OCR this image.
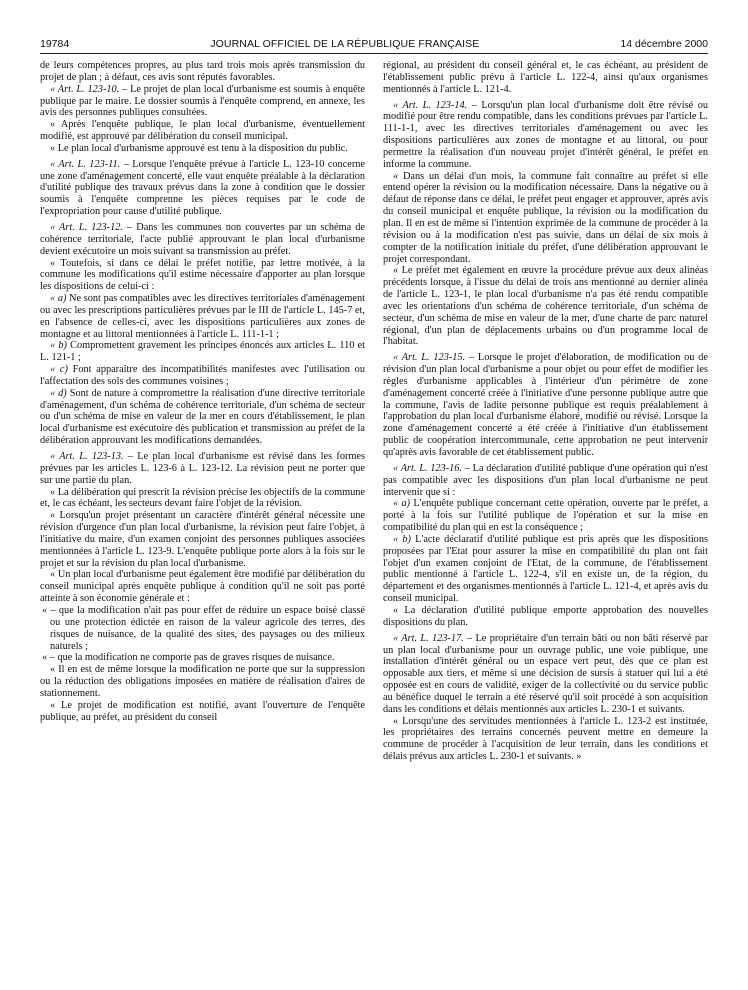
19784	JOURNAL OFFICIEL DE LA RÉPUBLIQUE FRANÇAISE	14 décembre 2000

de leurs compétences propres, au plus tard trois mois après transmission du projet de plan ; à défaut, ces avis sont réputés favorables.

« Art. L. 123-10. – Le projet de plan local d'urbanisme est soumis à enquête publique par le maire. Le dossier soumis à l'enquête comprend, en annexe, les avis des personnes publiques consultées.

« Après l'enquête publique, le plan local d'urbanisme, éventuellement modifié, est approuvé par délibération du conseil municipal.

« Le plan local d'urbanisme approuvé est tenu à la disposition du public.

« Art. L. 123-11. – Lorsque l'enquête prévue à l'article L. 123-10 concerne une zone d'aménagement concerté, elle vaut enquête préalable à la déclaration d'utilité publique des travaux prévus dans la zone à condition que le dossier soumis à l'enquête comprenne les pièces requises par le code de l'expropriation pour cause d'utilité publique.

« Art. L. 123-12. – Dans les communes non couvertes par un schéma de cohérence territoriale, l'acte publié approuvant le plan local d'urbanisme devient exécutoire un mois suivant sa transmission au préfet.

« Toutefois, si dans ce délai le préfet notifie, par lettre motivée, à la commune les modifications qu'il estime nécessaire d'apporter au plan lorsque les dispositions de celui-ci :

« a) Ne sont pas compatibles avec les directives territoriales d'aménagement ou avec les prescriptions particulières prévues par le III de l'article L. 145-7 et, en l'absence de celles-ci, avec les dispositions particulières aux zones de montagne et au littoral mentionnées à l'article L. 111-1-1 ;

« b) Compromettent gravement les principes énoncés aux articles L. 110 et L. 121-1 ;

« c) Font apparaître des incompatibilités manifestes avec l'utilisation ou l'affectation des sols des communes voisines ;

« d) Sont de nature à compromettre la réalisation d'une directive territoriale d'aménagement, d'un schéma de cohérence territoriale, d'un schéma de secteur ou d'un schéma de mise en valeur de la mer en cours d'établissement, le plan local d'urbanisme est exécutoire dès publication et transmission au préfet de la délibération approuvant les modifications demandées.

« Art. L. 123-13. – Le plan local d'urbanisme est révisé dans les formes prévues par les articles L. 123-6 à L. 123-12. La révision peut ne porter que sur une partie du plan.

« La délibération qui prescrit la révision précise les objectifs de la commune et, le cas échéant, les secteurs devant faire l'objet de la révision.

« Lorsqu'un projet présentant un caractère d'intérêt général nécessite une révision d'urgence d'un plan local d'urbanisme, la révision peut faire l'objet, à l'initiative du maire, d'un examen conjoint des personnes publiques associées mentionnées à l'article L. 123-9. L'enquête publique porte alors à la fois sur le projet et sur la révision du plan local d'urbanisme.

« Un plan local d'urbanisme peut également être modifié par délibération du conseil municipal après enquête publique à condition qu'il ne soit pas porté atteinte à son économie générale et :

« – que la modification n'ait pas pour effet de réduire un espace boisé classé ou une protection édictée en raison de la valeur agricole des terres, des risques de nuisance, de la qualité des sites, des paysages ou des milieux naturels ;

« – que la modification ne comporte pas de graves risques de nuisance.

« Il en est de même lorsque la modification ne porte que sur la suppression ou la réduction des obligations imposées en matière de réalisation d'aires de stationnement.

« Le projet de modification est notifié, avant l'ouverture de l'enquête publique, au préfet, au président du conseil

régional, au président du conseil général et, le cas échéant, au président de l'établissement public prévu à l'article L. 122-4, ainsi qu'aux organismes mentionnés à l'article L. 121-4.

« Art. L. 123-14. – Lorsqu'un plan local d'urbanisme doit être révisé ou modifié pour être rendu compatible, dans les conditions prévues par l'article L. 111-1-1, avec les directives territoriales d'aménagement ou avec les dispositions particulières aux zones de montagne et au littoral, ou pour permettre la réalisation d'un nouveau projet d'intérêt général, le préfet en informe la commune.

« Dans un délai d'un mois, la commune fait connaître au préfet si elle entend opérer la révision ou la modification nécessaire. Dans la négative ou à défaut de réponse dans ce délai, le préfet peut engager et approuver, après avis du conseil municipal et enquête publique, la révision ou la modification du plan. Il en est de même si l'intention exprimée de la commune de procéder à la révision ou à la modification n'est pas suivie, dans un délai de six mois à compter de la notification initiale du préfet, d'une délibération approuvant le projet correspondant.

« Le préfet met également en œuvre la procédure prévue aux deux alinéas précédents lorsque, à l'issue du délai de trois ans mentionné au dernier alinéa de l'article L. 123-1, le plan local d'urbanisme n'a pas été rendu compatible avec les orientations d'un schéma de cohérence territoriale, d'un schéma de secteur, d'un schéma de mise en valeur de la mer, d'une charte de parc naturel régional, d'un plan de déplacements urbains ou d'un programme local de l'habitat.

« Art. L. 123-15. – Lorsque le projet d'élaboration, de modification ou de révision d'un plan local d'urbanisme a pour objet ou pour effet de modifier les règles d'urbanisme applicables à l'intérieur d'un périmètre de zone d'aménagement concerté créée à l'initiative d'une personne publique autre que la commune, l'avis de ladite personne publique est requis préalablement à l'approbation du plan local d'urbanisme élaboré, modifié ou révisé. Lorsque la zone d'aménagement concerté a été créée à l'initiative d'un établissement public de coopération intercommunale, cette approbation ne peut intervenir qu'après avis favorable de cet établissement public.

« Art. L. 123-16. – La déclaration d'utilité publique d'une opération qui n'est pas compatible avec les dispositions d'un plan local d'urbanisme ne peut intervenir que si :

« a) L'enquête publique concernant cette opération, ouverte par le préfet, a porté à la fois sur l'utilité publique de l'opération et sur la mise en compatibilité du plan qui en est la conséquence ;

« b) L'acte déclaratif d'utilité publique est pris après que les dispositions proposées par l'Etat pour assurer la mise en compatibilité du plan ont fait l'objet d'un examen conjoint de l'Etat, de la commune, de l'établissement public mentionné à l'article L. 122-4, s'il en existe un, de la région, du département et des organismes mentionnés à l'article L. 121-4, et après avis du conseil municipal.

« La déclaration d'utilité publique emporte approbation des nouvelles dispositions du plan.

« Art. L. 123-17. – Le propriétaire d'un terrain bâti ou non bâti réservé par un plan local d'urbanisme pour un ouvrage public, une voie publique, une installation d'intérêt général ou un espace vert peut, dès que ce plan est opposable aux tiers, et même si une décision de sursis à statuer qui lui a été opposée est en cours de validité, exiger de la collectivité ou du service public au bénéfice duquel le terrain a été réservé qu'il soit procédé à son acquisition dans les conditions et délais mentionnés aux articles L. 230-1 et suivants.

« Lorsqu'une des servitudes mentionnées à l'article L. 123-2 est instituée, les propriétaires des terrains concernés peuvent mettre en demeure la commune de procéder à l'acquisition de leur terrain, dans les conditions et délais prévus aux articles L. 230-1 et suivants. »
